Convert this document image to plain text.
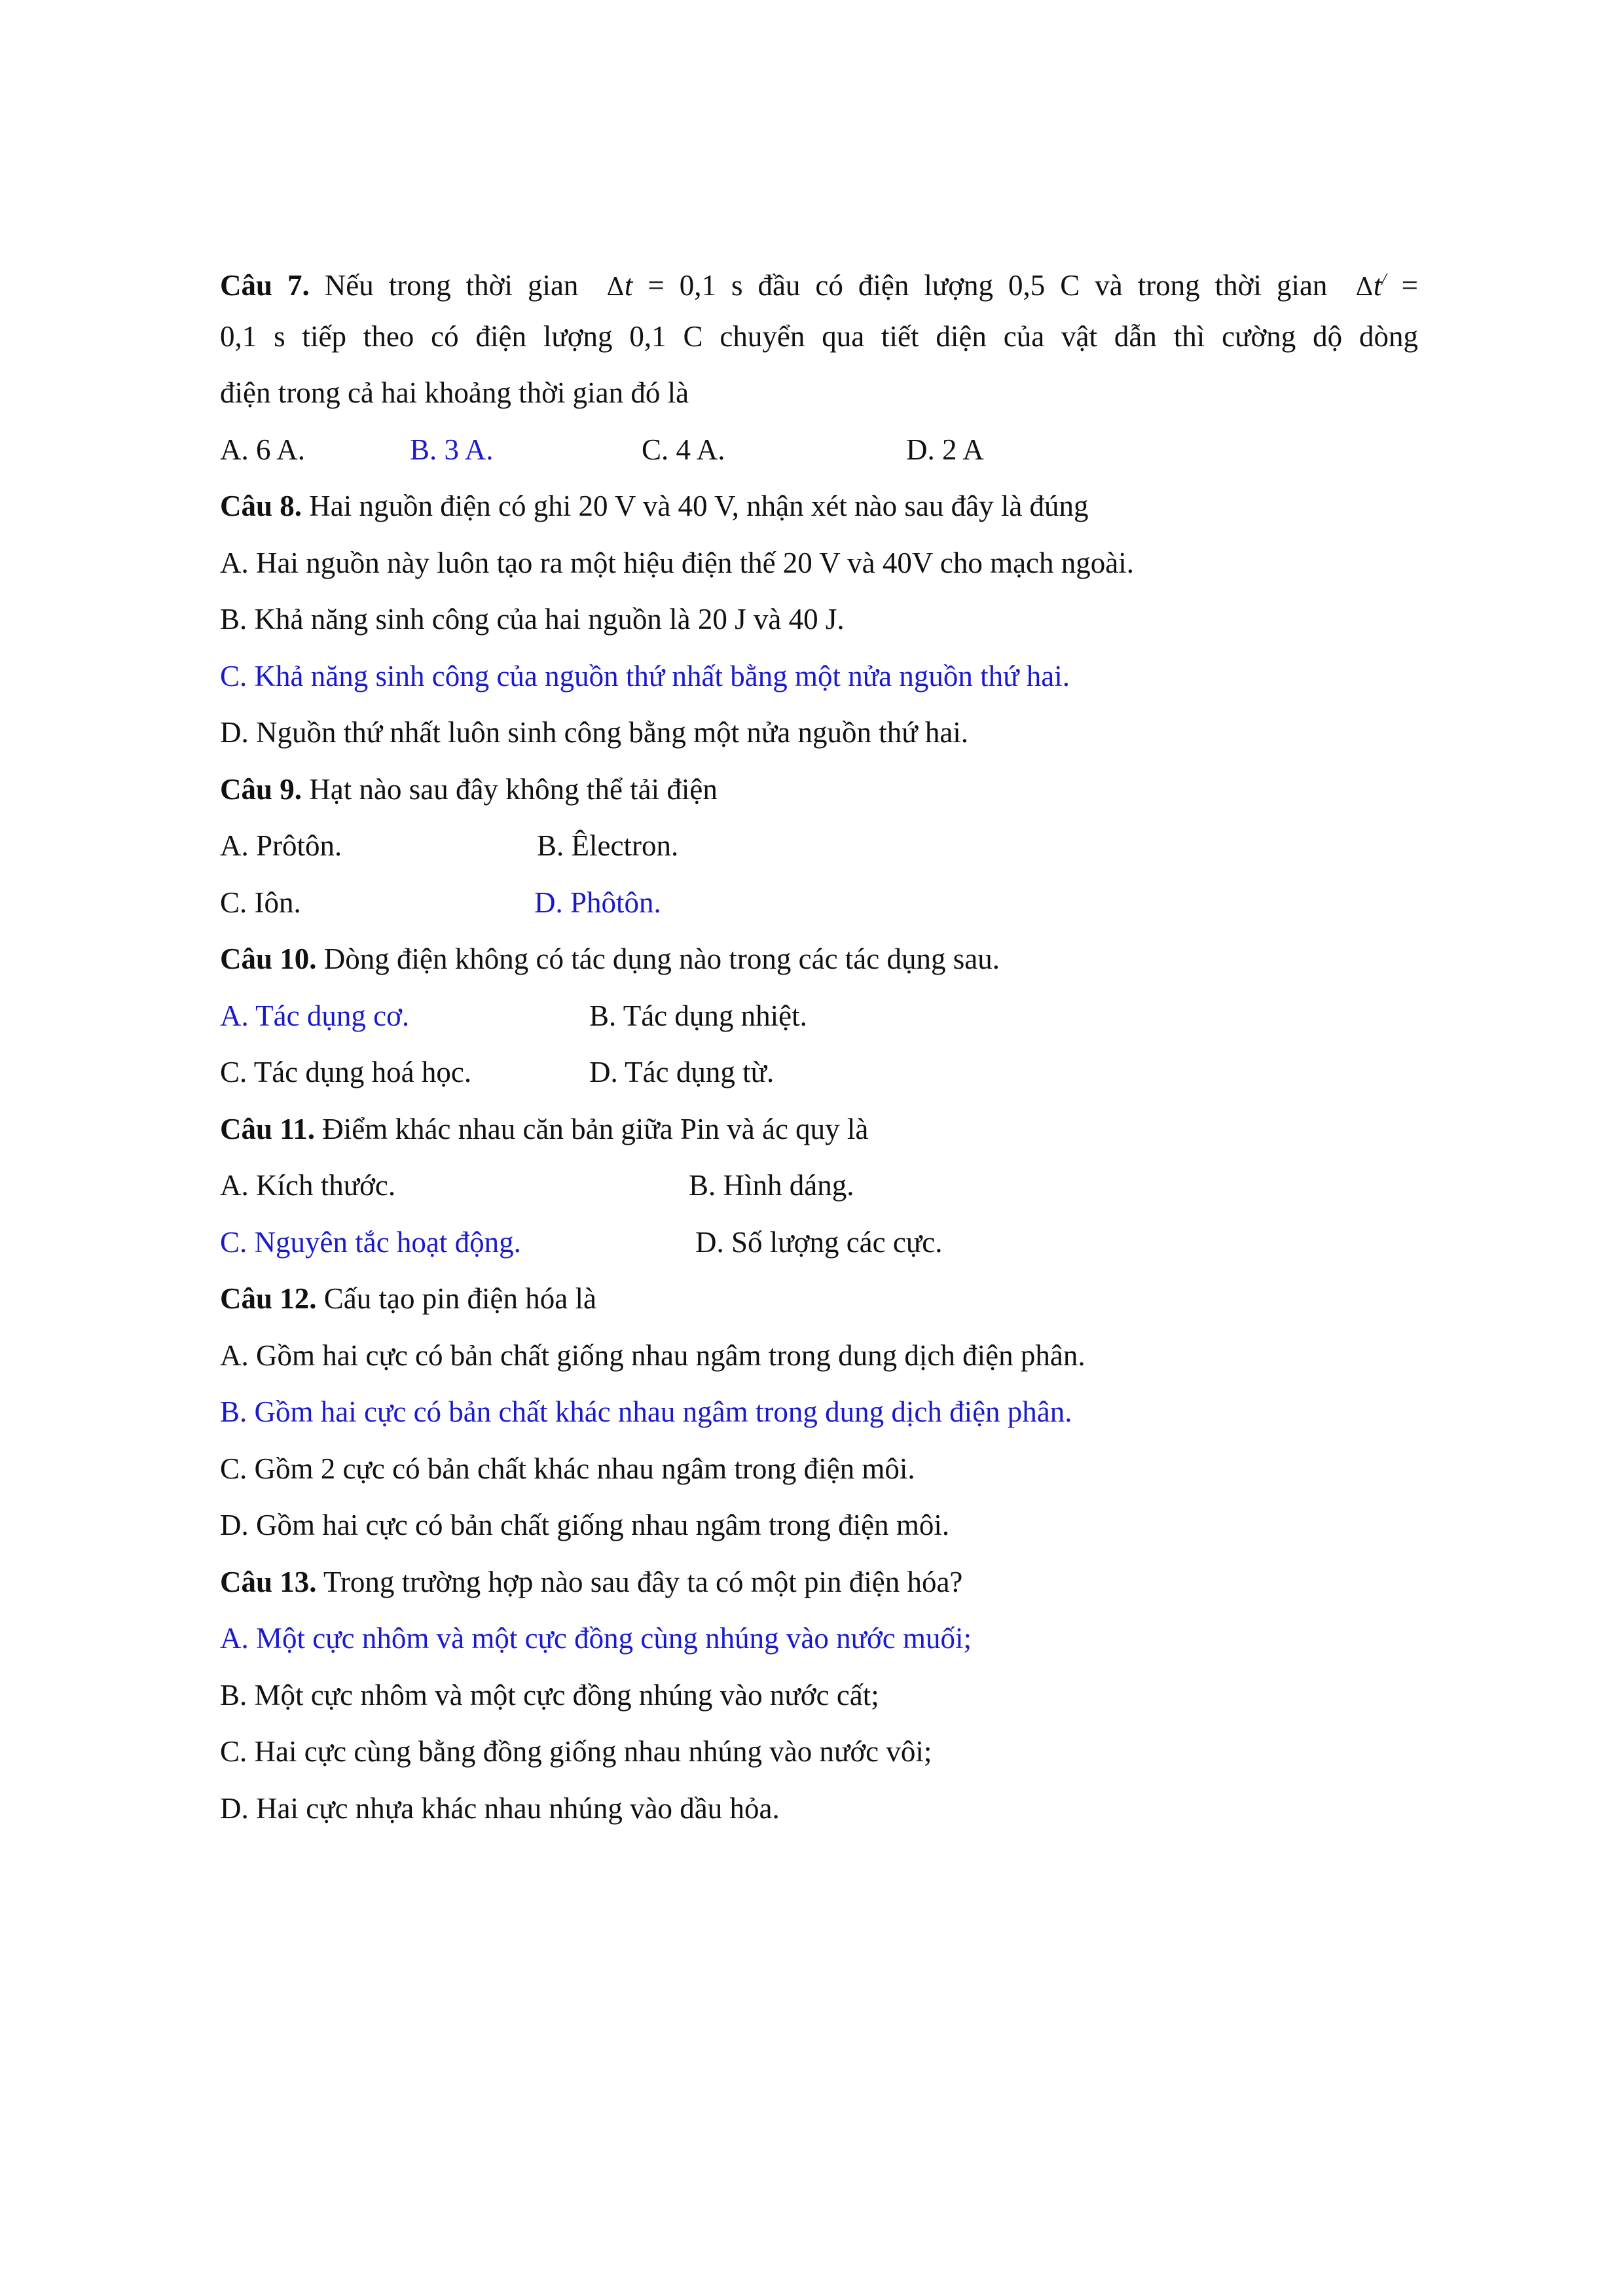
Câu 7. Nếu trong thời gian Δt = 0,1 s đầu có điện lượng 0,5 C và trong thời gian Δt/ =
0,1 s tiếp theo có điện lượng 0,1 C chuyển qua tiết diện của vật dẫn thì cường dộ dòng
điện trong cả hai khoảng thời gian đó là
A. 6 A.	B. 3 A.	C. 4 A.	D. 2 A
Câu 8. Hai nguồn điện có ghi 20 V và 40 V, nhận xét nào sau đây là đúng
A. Hai nguồn này luôn tạo ra một hiệu điện thế 20 V và 40V cho mạch ngoài.
B. Khả năng sinh công của hai nguồn là 20 J và 40 J.
C. Khả năng sinh công của nguồn thứ nhất bằng một nửa nguồn thứ hai.
D. Nguồn thứ nhất luôn sinh công bằng một nửa nguồn thứ hai.
Câu 9. Hạt nào sau đây không thể tải điện
A. Prôtôn.	B. Êlectron.
C. Iôn.	D. Phôtôn.
Câu 10. Dòng điện không có tác dụng nào trong các tác dụng sau.
A. Tác dụng cơ.	B. Tác dụng nhiệt.
C. Tác dụng hoá học.	D. Tác dụng từ.
Câu 11. Điểm khác nhau căn bản giữa Pin và ác quy là
A. Kích thước.	B. Hình dáng.
C. Nguyên tắc hoạt động.	D. Số lượng các cực.
Câu 12. Cấu tạo pin điện hóa là
A. Gồm hai cực có bản chất giống nhau ngâm trong dung dịch điện phân.
B. Gồm hai cực có bản chất khác nhau ngâm trong dung dịch điện phân.
C. Gồm 2 cực có bản chất khác nhau ngâm trong điện môi.
D. Gồm hai cực có bản chất giống nhau ngâm trong điện môi.
Câu 13. Trong trường hợp nào sau đây ta có một pin điện hóa?
A. Một cực nhôm và một cực đồng cùng nhúng vào nước muối;
B. Một cực nhôm và một cực đồng nhúng vào nước cất;
C. Hai cực cùng bằng đồng giống nhau nhúng vào nước vôi;
D. Hai cực nhựa khác nhau nhúng vào dầu hỏa.
